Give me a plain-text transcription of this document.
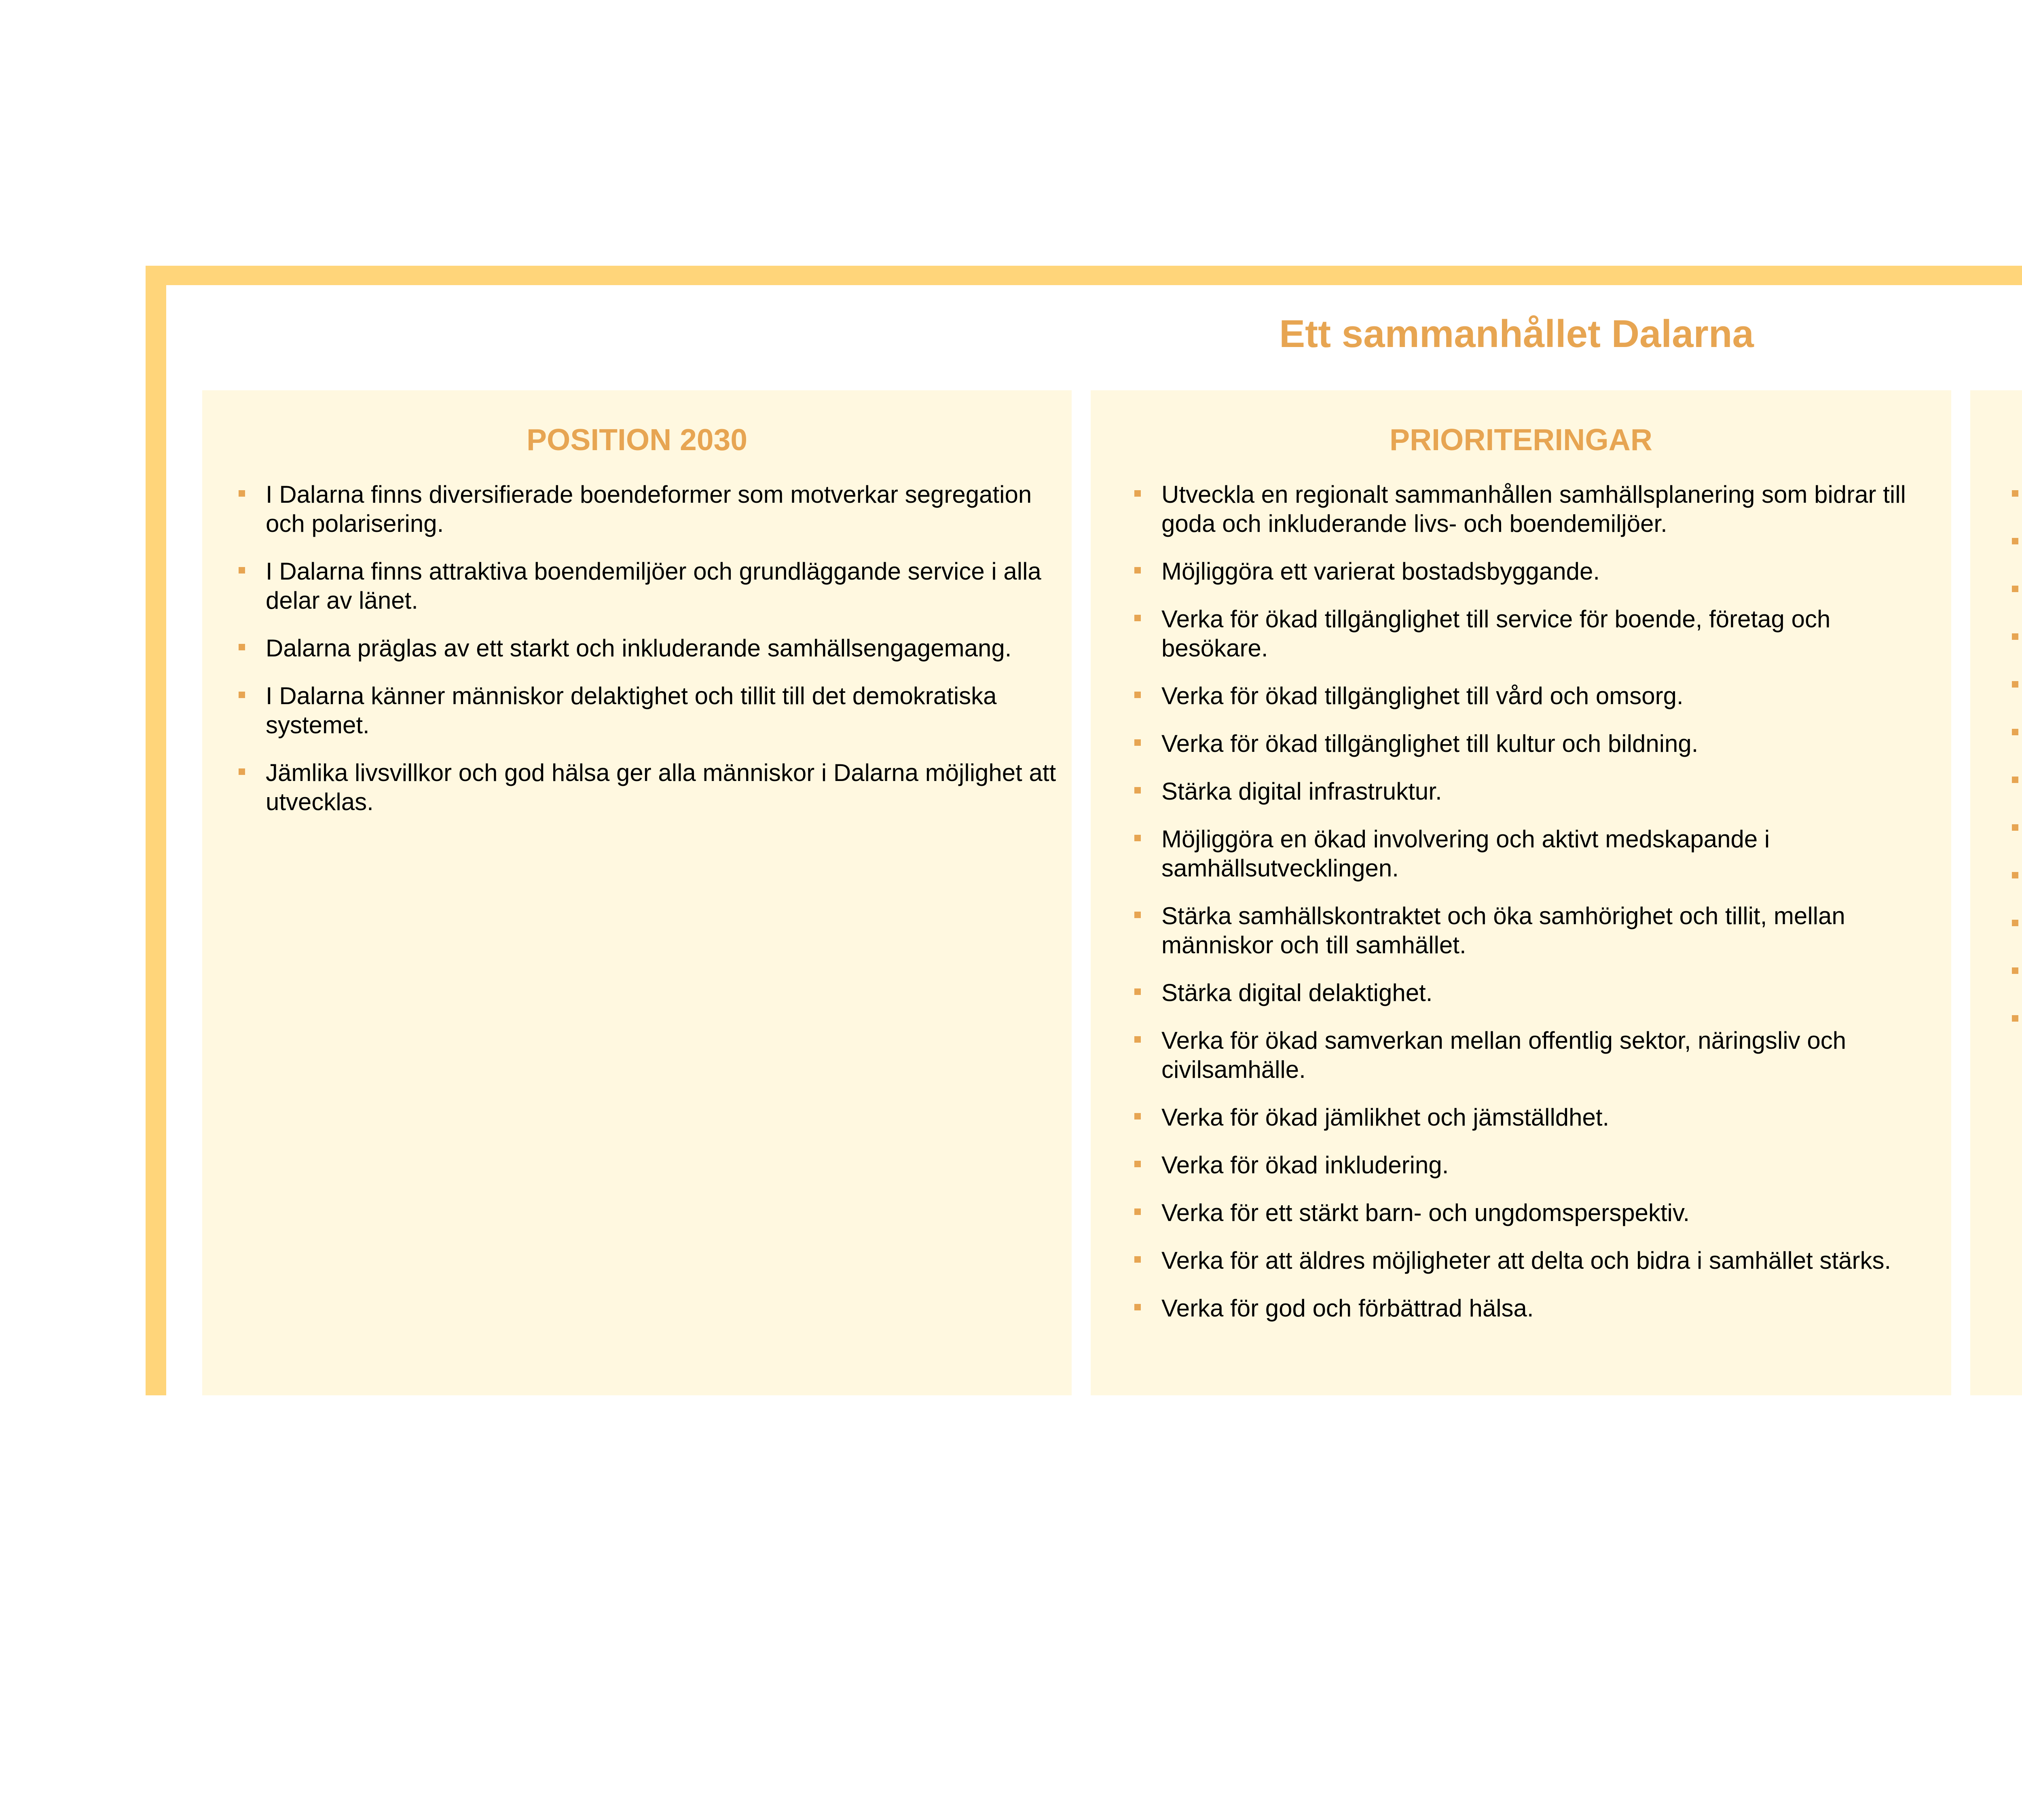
Ett sammanhållet Dalarna
POSITION 2030
I Dalarna finns diversifierade boendeformer som motverkar segregation och polarisering.
I Dalarna finns attraktiva boendemiljöer och grundläggande service i alla delar av länet.
Dalarna präglas av ett starkt och inkluderande samhällsengagemang.
I Dalarna känner människor delaktighet och tillit till det demokratiska systemet.
Jämlika livsvillkor och god hälsa ger alla människor i Dalarna möjlighet att utvecklas.
PRIORITERINGAR
Utveckla en regionalt sammanhållen samhällsplanering som bidrar till goda och inkluderande livs- och boendemiljöer.
Möjliggöra ett varierat bostadsbyggande.
Verka för ökad tillgänglighet till service för boende, företag och besökare.
Verka för ökad tillgänglighet till vård och omsorg.
Verka för ökad tillgänglighet till kultur och bildning.
Stärka digital infrastruktur.
Möjliggöra en ökad involvering och aktivt medskapande i samhällsutvecklingen.
Stärka samhällskontraktet och öka samhörighet och tillit, mellan människor och till samhället.
Stärka digital delaktighet.
Verka för ökad samverkan mellan offentlig sektor, näringsliv och civilsamhälle.
Verka för ökad jämlikhet och jämställdhet.
Verka för ökad inkludering.
Verka för ett stärkt barn- och ungdomsperspektiv.
Verka för att äldres möjligheter att delta och bidra i samhället stärks.
Verka för god och förbättrad hälsa.
